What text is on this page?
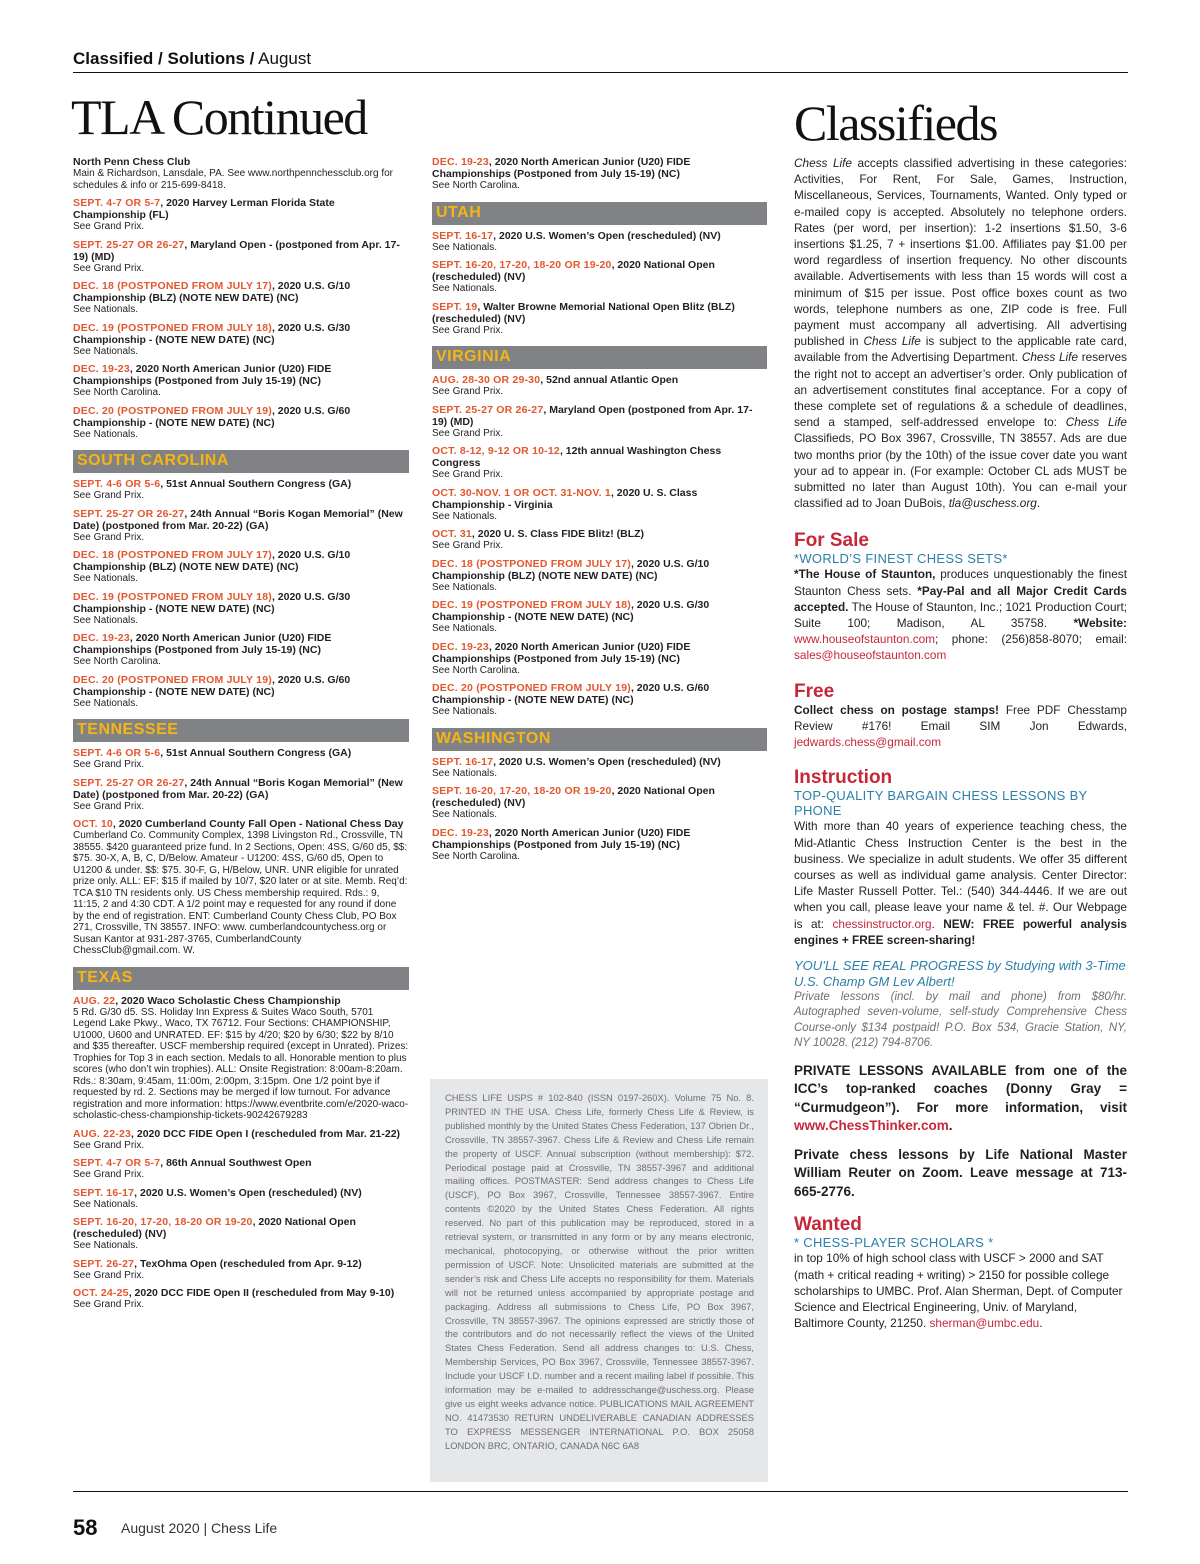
Classified / Solutions / August
TLA Continued	Classifieds
North Penn Chess Club
Main & Richardson, Lansdale, PA. See www.northpennchessclub.org for schedules & info or 215-699-8418.
SEPT. 4-7 OR 5-7, 2020 Harvey Lerman Florida State Championship (FL)
See Grand Prix.
SEPT. 25-27 OR 26-27, Maryland Open - (postponed from Apr. 17-19) (MD)
See Grand Prix.
DEC. 18 (POSTPONED FROM JULY 17), 2020 U.S. G/10 Championship (BLZ) (NOTE NEW DATE) (NC)
See Nationals.
DEC. 19 (POSTPONED FROM JULY 18), 2020 U.S. G/30 Championship - (NOTE NEW DATE) (NC)
See Nationals.
DEC. 19-23, 2020 North American Junior (U20) FIDE Championships (Postponed from July 15-19) (NC)
See North Carolina.
DEC. 20 (POSTPONED FROM JULY 19), 2020 U.S. G/60 Championship - (NOTE NEW DATE) (NC)
See Nationals.
SOUTH CAROLINA
SEPT. 4-6 OR 5-6, 51st Annual Southern Congress (GA)
See Grand Prix.
SEPT. 25-27 OR 26-27, 24th Annual “Boris Kogan Memorial” (New Date) (postponed from Mar. 20-22) (GA)
See Grand Prix.
DEC. 18 (POSTPONED FROM JULY 17), 2020 U.S. G/10 Championship (BLZ) (NOTE NEW DATE) (NC)
See Nationals.
DEC. 19 (POSTPONED FROM JULY 18), 2020 U.S. G/30 Championship - (NOTE NEW DATE) (NC)
See Nationals.
DEC. 19-23, 2020 North American Junior (U20) FIDE Championships (Postponed from July 15-19) (NC)
See North Carolina.
DEC. 20 (POSTPONED FROM JULY 19), 2020 U.S. G/60 Championship - (NOTE NEW DATE) (NC)
See Nationals.
TENNESSEE
SEPT. 4-6 OR 5-6, 51st Annual Southern Congress (GA)
See Grand Prix.
SEPT. 25-27 OR 26-27, 24th Annual “Boris Kogan Memorial” (New Date) (postponed from Mar. 20-22) (GA)
See Grand Prix.
OCT. 10, 2020 Cumberland County Fall Open - National Chess Day
Cumberland Co. Community Complex, 1398 Livingston Rd., Crossville, TN 38555. $420 guaranteed prize fund. In 2 Sections, Open: 4SS, G/60 d5, $$: $75. 30-X, A, B, C, D/Below. Amateur - U1200: 4SS, G/60 d5, Open to U1200 & under. $$: $75. 30-F, G, H/Below, UNR. UNR eligible for unrated prize only. ALL: EF: $15 if mailed by 10/7, $20 later or at site. Memb. Req’d: TCA $10 TN residents only. US Chess membership required. Rds.: 9, 11:15, 2 and 4:30 CDT. A 1/2 point may e requested for any round if done by the end of registration. ENT: Cumberland County Chess Club, PO Box 271, Crossville, TN 38557. INFO: www. cumberlandcountychess.org or Susan Kantor at 931-287-3765, CumberlandCounty ChessClub@gmail.com. W.
TEXAS
AUG. 22, 2020 Waco Scholastic Chess Championship
5 Rd. G/30 d5. SS. Holiday Inn Express & Suites Waco South, 5701 Legend Lake Pkwy., Waco, TX 76712. Four Sections: CHAMPIONSHIP, U1000, U600 and UNRATED. EF: $15 by 4/20; $20 by 6/30; $22 by 8/10 and $35 thereafter. USCF membership required (except in Unrated). Prizes: Trophies for Top 3 in each section. Medals to all. Honorable mention to plus scores (who don’t win trophies). ALL: Onsite Registration: 8:00am-8:20am. Rds.: 8:30am, 9:45am, 11:00m, 2:00pm, 3:15pm. One 1/2 point bye if requested by rd. 2. Sections may be merged if low turnout. For advance registration and more information: https://www.eventbrite.com/e/2020-waco-scholastic-chess-championship-tickets-90242679283
AUG. 22-23, 2020 DCC FIDE Open I (rescheduled from Mar. 21-22)
See Grand Prix.
SEPT. 4-7 OR 5-7, 86th Annual Southwest Open
See Grand Prix.
SEPT. 16-17, 2020 U.S. Women’s Open (rescheduled) (NV)
See Nationals.
SEPT. 16-20, 17-20, 18-20 OR 19-20, 2020 National Open (rescheduled) (NV)
See Nationals.
SEPT. 26-27, TexOhma Open (rescheduled from Apr. 9-12)
See Grand Prix.
OCT. 24-25, 2020 DCC FIDE Open II (rescheduled from May 9-10)
See Grand Prix.
DEC. 19-23, 2020 North American Junior (U20) FIDE Championships (Postponed from July 15-19) (NC)
See North Carolina.
UTAH
SEPT. 16-17, 2020 U.S. Women’s Open (rescheduled) (NV)
See Nationals.
SEPT. 16-20, 17-20, 18-20 OR 19-20, 2020 National Open (rescheduled) (NV)
See Nationals.
SEPT. 19, Walter Browne Memorial National Open Blitz (BLZ) (rescheduled) (NV)
See Grand Prix.
VIRGINIA
AUG. 28-30 OR 29-30, 52nd annual Atlantic Open
See Grand Prix.
SEPT. 25-27 OR 26-27, Maryland Open (postponed from Apr. 17-19) (MD)
See Grand Prix.
OCT. 8-12, 9-12 OR 10-12, 12th annual Washington Chess Congress
See Grand Prix.
OCT. 30-NOV. 1 OR OCT. 31-NOV. 1, 2020 U. S. Class Championship - Virginia
See Nationals.
OCT. 31, 2020 U. S. Class FIDE Blitz! (BLZ)
See Grand Prix.
DEC. 18 (POSTPONED FROM JULY 17), 2020 U.S. G/10 Championship (BLZ) (NOTE NEW DATE) (NC)
See Nationals.
DEC. 19 (POSTPONED FROM JULY 18), 2020 U.S. G/30 Championship - (NOTE NEW DATE) (NC)
See Nationals.
DEC. 19-23, 2020 North American Junior (U20) FIDE Championships (Postponed from July 15-19) (NC)
See North Carolina.
DEC. 20 (POSTPONED FROM JULY 19), 2020 U.S. G/60 Championship - (NOTE NEW DATE) (NC)
See Nationals.
WASHINGTON
SEPT. 16-17, 2020 U.S. Women’s Open (rescheduled) (NV)
See Nationals.
SEPT. 16-20, 17-20, 18-20 OR 19-20, 2020 National Open (rescheduled) (NV)
See Nationals.
DEC. 19-23, 2020 North American Junior (U20) FIDE Championships (Postponed from July 15-19) (NC)
See North Carolina.
CHESS LIFE USPS # 102-840 (ISSN 0197-260X). Volume 75 No. 8. PRINTED IN THE USA. Chess Life, formerly Chess Life & Review, is published monthly by the United States Chess Federation, 137 Obrien Dr., Crossville, TN 38557-3967. Chess Life & Review and Chess Life remain the property of USCF. Annual subscription (without membership): $72. Periodical postage paid at Crossville, TN 38557-3967 and additional mailing offices. POSTMASTER: Send address changes to Chess Life (USCF), PO Box 3967, Crossville, Tennessee 38557-3967. Entire contents ©2020 by the United States Chess Federation. All rights reserved. No part of this publication may be reproduced, stored in a retrieval system, or transmitted in any form or by any means electronic, mechanical, photocopying, or otherwise without the prior written permission of USCF. Note: Unsolicited materials are submitted at the sender’s risk and Chess Life accepts no responsibility for them. Materials will not be returned unless accompanied by appropriate postage and packaging. Address all submissions to Chess Life, PO Box 3967, Crossville, TN 38557-3967. The opinions expressed are strictly those of the contributors and do not necessarily reflect the views of the United States Chess Federation. Send all address changes to: U.S. Chess, Membership Services, PO Box 3967, Crossville, Tennessee 38557-3967. Include your USCF I.D. number and a recent mailing label if possible. This information may be e-mailed to addresschange@uschess.org. Please give us eight weeks advance notice. PUBLICATIONS MAIL AGREEMENT NO. 41473530 RETURN UNDELIVERABLE CANADIAN ADDRESSES TO EXPRESS MESSENGER INTERNATIONAL P.O. BOX 25058 LONDON BRC, ONTARIO, CANADA N6C 6A8
Chess Life accepts classified advertising in these categories: Activities, For Rent, For Sale, Games, Instruction, Miscellaneous, Services, Tournaments, Wanted. Only typed or e-mailed copy is accepted. Absolutely no telephone orders. Rates (per word, per insertion): 1-2 insertions $1.50, 3-6 insertions $1.25, 7 + insertions $1.00. Affiliates pay $1.00 per word regardless of insertion frequency. No other discounts available. Advertisements with less than 15 words will cost a minimum of $15 per issue. Post office boxes count as two words, telephone numbers as one, ZIP code is free. Full payment must accompany all advertising. All advertising published in Chess Life is subject to the applicable rate card, available from the Advertising Department. Chess Life reserves the right not to accept an advertiser’s order. Only publication of an advertisement constitutes final acceptance. For a copy of these complete set of regulations & a schedule of deadlines, send a stamped, self-addressed envelope to: Chess Life Classifieds, PO Box 3967, Crossville, TN 38557. Ads are due two months prior (by the 10th) of the issue cover date you want your ad to appear in. (For example: October CL ads MUST be submitted no later than August 10th). You can e-mail your classified ad to Joan DuBois, tla@uschess.org.
For Sale
*WORLD’S FINEST CHESS SETS*
*The House of Staunton, produces unquestionably the finest Staunton Chess sets. *Pay-Pal and all Major Credit Cards accepted. The House of Staunton, Inc.; 1021 Production Court; Suite 100; Madison, AL 35758. *Website: www.houseofstaunton.com; phone: (256)858-8070; email: sales@houseofstaunton.com
Free
Collect chess on postage stamps! Free PDF Chesstamp Review #176! Email SIM Jon Edwards, jedwards.chess@gmail.com
Instruction
TOP-QUALITY BARGAIN CHESS LESSONS BY PHONE
With more than 40 years of experience teaching chess, the Mid-Atlantic Chess Instruction Center is the best in the business. We specialize in adult students. We offer 35 different courses as well as individual game analysis. Center Director: Life Master Russell Potter. Tel.: (540) 344-4446. If we are out when you call, please leave your name & tel. #. Our Webpage is at: chessinstructor.org. NEW: FREE powerful analysis engines + FREE screen-sharing!
YOU’LL SEE REAL PROGRESS by Studying with 3-Time U.S. Champ GM Lev Albert!
Private lessons (incl. by mail and phone) from $80/hr. Autographed seven-volume, self-study Comprehensive Chess Course-only $134 postpaid! P.O. Box 534, Gracie Station, NY, NY 10028. (212) 794-8706.
PRIVATE LESSONS AVAILABLE from one of the ICC’s top-ranked coaches (Donny Gray = “Curmudgeon”). For more information, visit www.ChessThinker.com.
Private chess lessons by Life National Master William Reuter on Zoom. Leave message at 713-665-2776.
Wanted
* CHESS-PLAYER SCHOLARS *
in top 10% of high school class with USCF > 2000 and SAT (math + critical reading + writing) > 2150 for possible college scholarships to UMBC. Prof. Alan Sherman, Dept. of Computer Science and Electrical Engineering, Univ. of Maryland, Baltimore County, 21250. sherman@umbc.edu.
58 August 2020 | Chess Life
